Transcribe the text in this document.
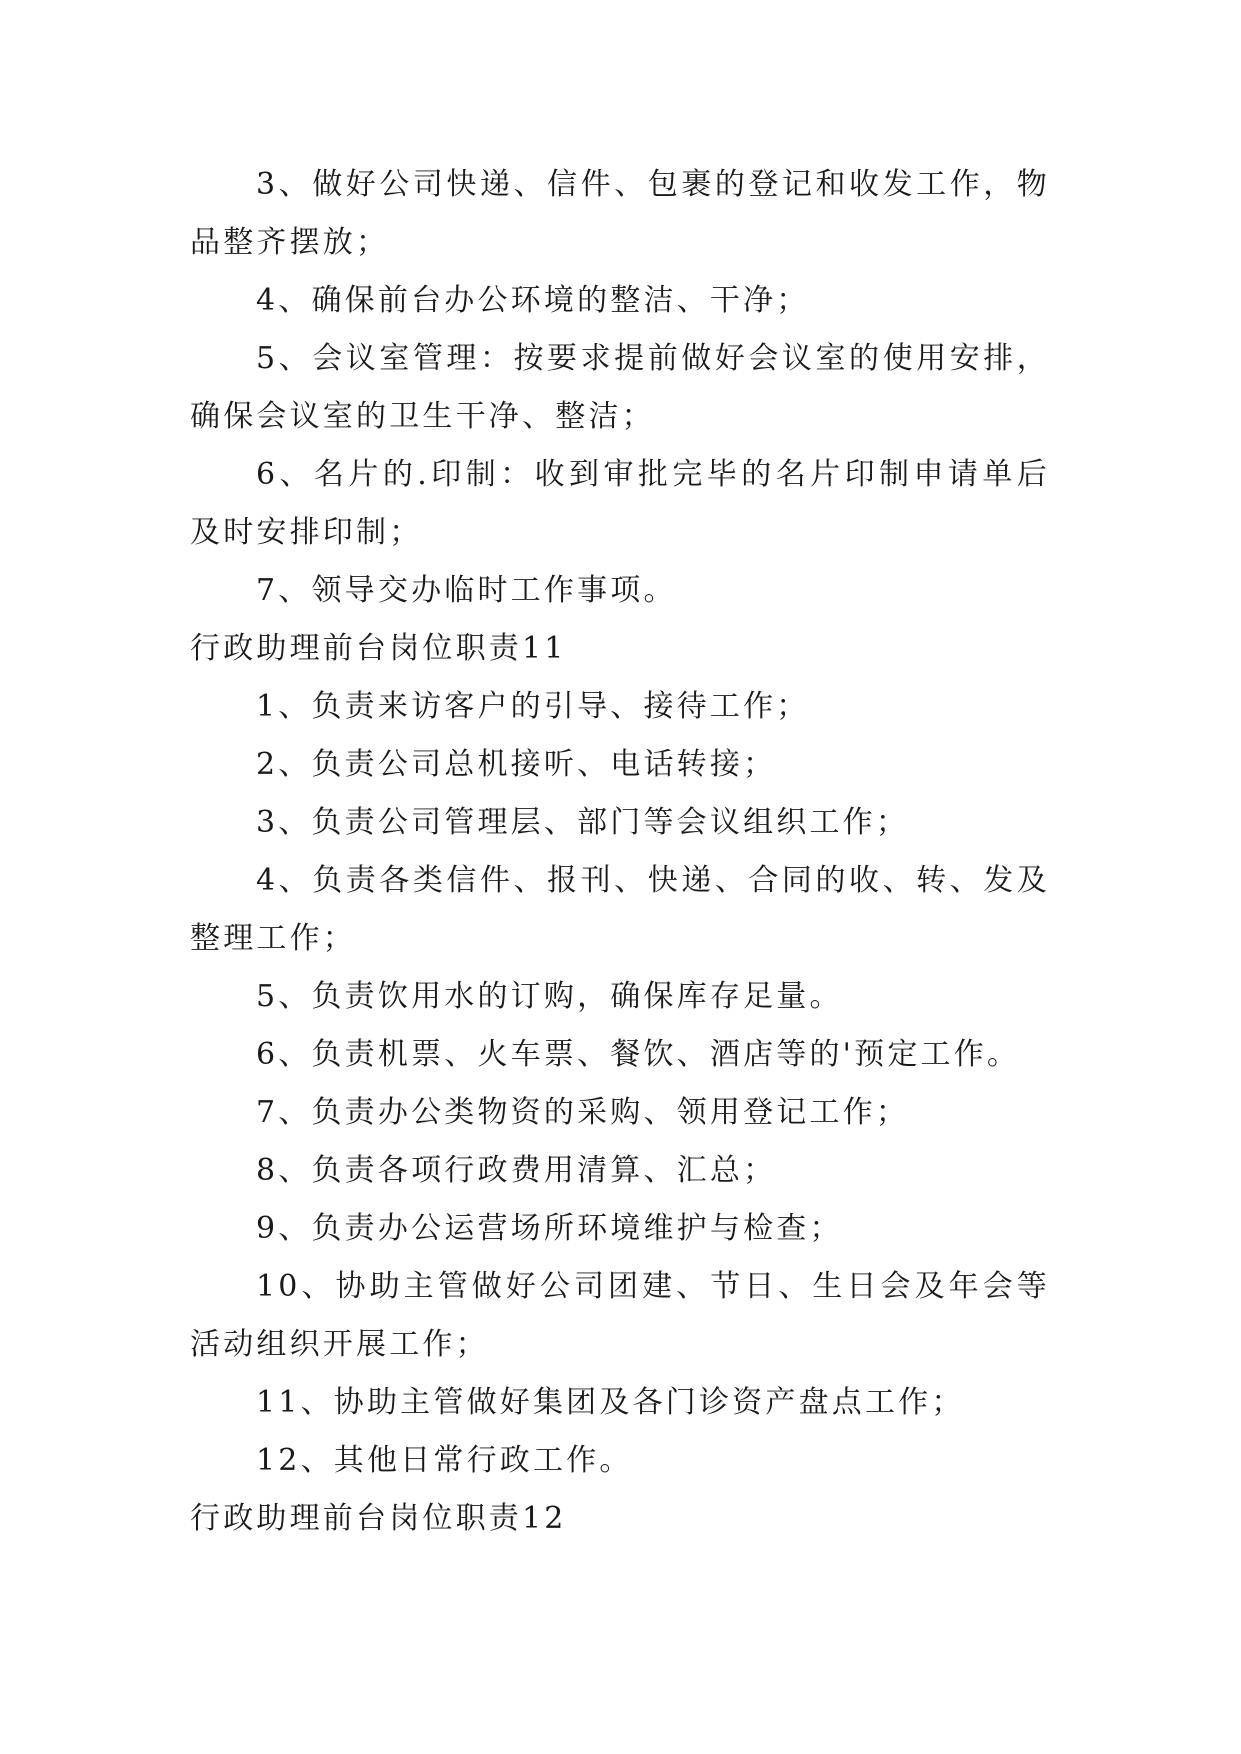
3、做好公司快递、信件、包裹的登记和收发工作，物品整齐摆放；

4、确保前台办公环境的整洁、干净；

5、会议室管理：按要求提前做好会议室的使用安排，确保会议室的卫生干净、整洁；

6、名片的.印制：收到审批完毕的名片印制申请单后及时安排印制；

7、领导交办临时工作事项。

行政助理前台岗位职责11

1、负责来访客户的引导、接待工作；

2、负责公司总机接听、电话转接；

3、负责公司管理层、部门等会议组织工作；

4、负责各类信件、报刊、快递、合同的收、转、发及整理工作；

5、负责饮用水的订购，确保库存足量。

6、负责机票、火车票、餐饮、酒店等的'预定工作。

7、负责办公类物资的采购、领用登记工作；

8、负责各项行政费用清算、汇总；

9、负责办公运营场所环境维护与检查；

10、协助主管做好公司团建、节日、生日会及年会等活动组织开展工作；

11、协助主管做好集团及各门诊资产盘点工作；

12、其他日常行政工作。

行政助理前台岗位职责12
